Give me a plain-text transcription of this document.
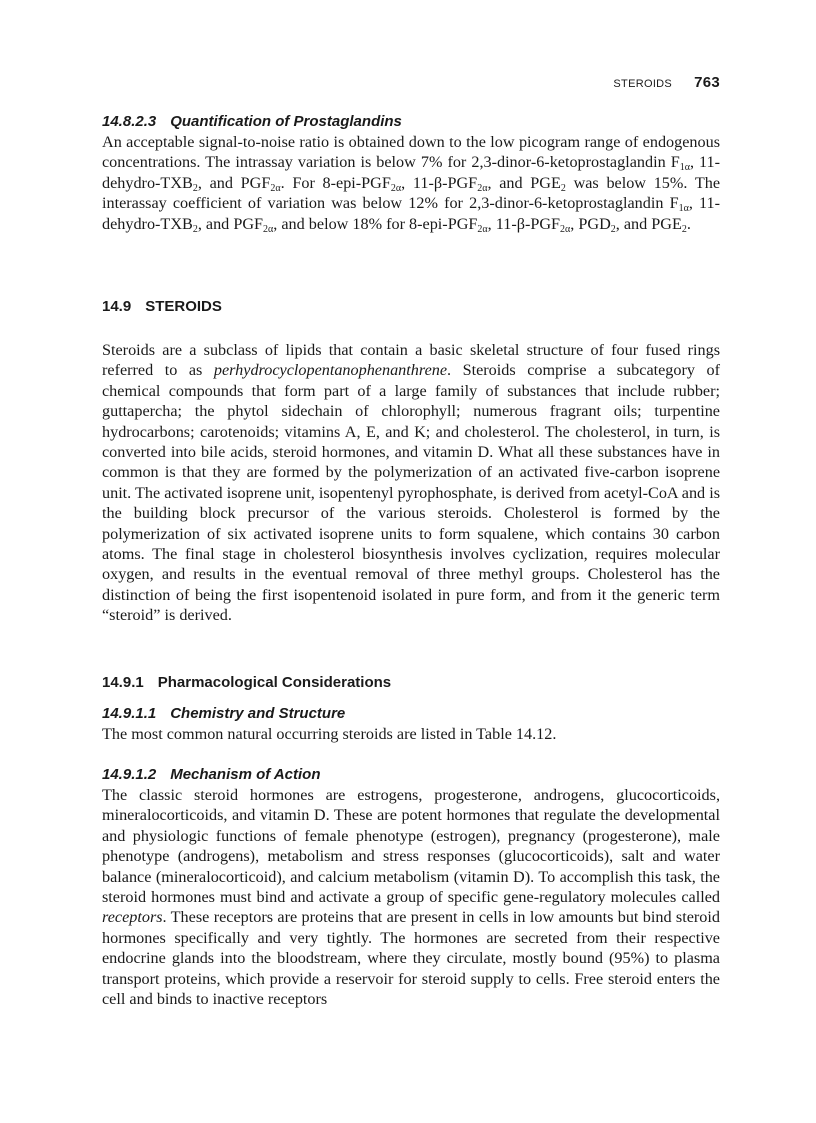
STEROIDS 763
14.8.2.3 Quantification of Prostaglandins

An acceptable signal-to-noise ratio is obtained down to the low picogram range of endogenous concentrations. The intrassay variation is below 7% for 2,3-dinor-6-ketoprostaglandin $F_{1\alpha}$, $11-dehydro-TXB_2$, and $PGF_{2\alpha}$. For $8-epi-PGF_{2\alpha}$, $11-\beta-PGF_{2\alpha}$, and $PGE_2$ was below 15%. The interassay coefficient of variation was below 12% for 2,3-dinor-6-ketoprostaglandin $F_{1\alpha}$, $11-dehydro-TXB_2$, and $PGF_{2\alpha}$, and below 18% for $8-epi-PGF_{2\alpha}$, $11-\beta-PGF_{2\alpha}$, $PGD_2$, and $PGE_2$.

14.9 STEROIDS

Steroids are a subclass of lipids that contain a basic skeletal structure of four fused rings referred to as perhydrocyclopentanophenanthrene. Steroids comprise a subcategory of chemical compounds that form part of a large family of substances that include rubber; guttapercha; the phytol sidechain of chlorophyll; numerous fragrant oils; turpentine hydrocarbons; carotenoids; vitamins A, E, and K; and cholesterol. The cholesterol, in turn, is converted into bile acids, steroid hormones, and vitamin D. What all these substances have in common is that they are formed by the polymerization of an activated five-carbon isoprene unit. The activated isoprene unit, isopentenyl pyrophosphate, is derived from acetyl-CoA and is the building block precursor of the various steroids. Cholesterol is formed by the polymerization of six activated isoprene units to form squalene, which contains 30 carbon atoms. The final stage in cholesterol biosynthesis involves cyclization, requires molecular oxygen, and results in the eventual removal of three methyl groups. Cholesterol has the distinction of being the first isopentenoid isolated in pure form, and from it the generic term “steroid” is derived.

14.9.1 Pharmacological Considerations
14.9.1.1 Chemistry and Structure

The most common natural occurring steroids are listed in Table 14.12.

14.9.1.2 Mechanism of Action

The classic steroid hormones are estrogens, progesterone, androgens, glucocorticoids, mineralocorticoids, and vitamin D. These are potent hormones that regulate the developmental and physiologic functions of female phenotype (estrogen), pregnancy (progesterone), male phenotype (androgens), metabolism and stress responses (glucocorticoids), salt and water balance (mineralocorticoid), and calcium metabolism (vitamin D). To accomplish this task, the steroid hormones must bind and activate a group of specific gene-regulatory molecules called receptors. These receptors are proteins that are present in cells in low amounts but bind steroid hormones specifically and very tightly. The hormones are secreted from their respective endocrine glands into the bloodstream, where they circulate, mostly bound (95%) to plasma transport proteins, which provide a reservoir for steroid supply to cells. Free steroid enters the cell and binds to inactive receptors
